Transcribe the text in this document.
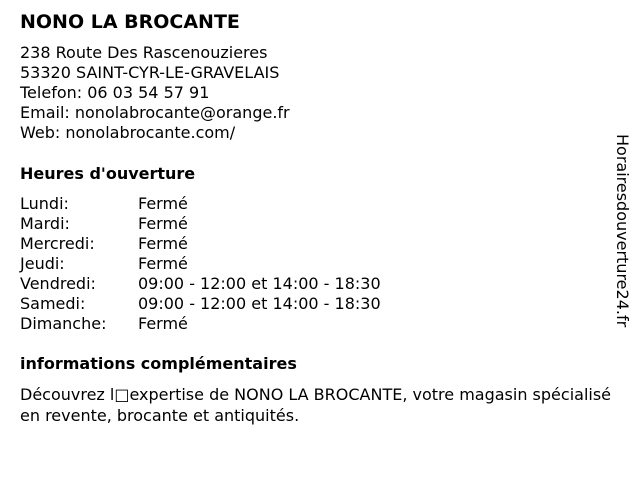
NONO LA BROCANTE
238 Route Des Rascenouzieres
53320 SAINT-CYR-LE-GRAVELAIS
Telefon: 06 03 54 57 91
Email: nonolabrocante@orange.fr
Web: nonolabrocante.com/
Heures d'ouverture
Lundi:	Fermé
Mardi:	Fermé
Mercredi:	Fermé
Jeudi:	Fermé
Vendredi:	09:00 - 12:00 et 14:00 - 18:30
Samedi:	09:00 - 12:00 et 14:00 - 18:30
Dimanche: Fermé
informations complémentaires

Découvrez l□expertise de NONO LA BROCANTE, votre magasin spécialisé en revente, brocante et antiquités.

Horairesdouverture24.fr
